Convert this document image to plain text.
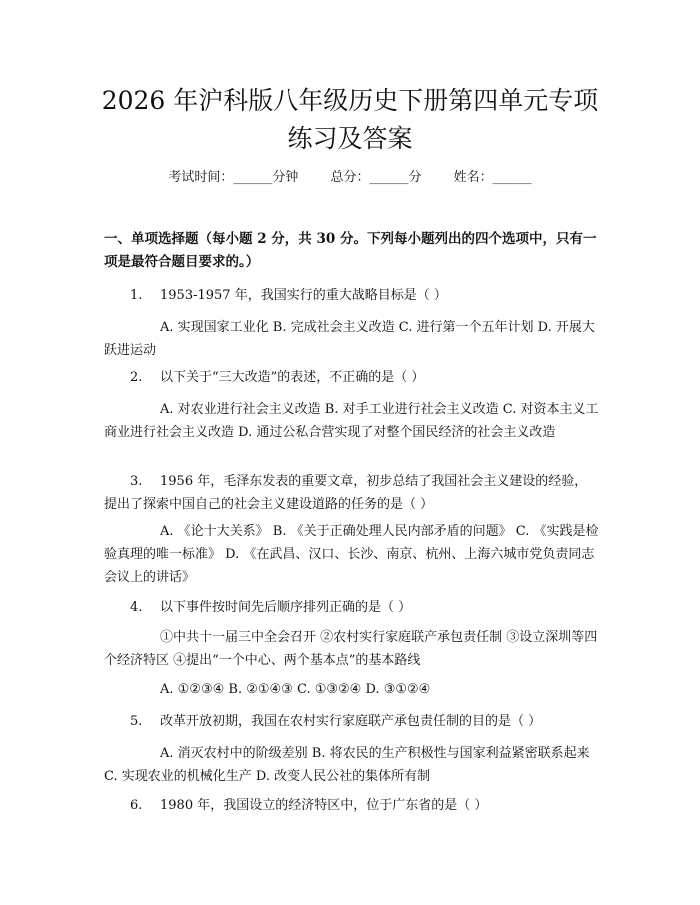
2026 年沪科版八年级历史下册第四单元专项练习及答案
考试时间：______分钟 总分：______分 姓名：______
一、单项选择题（每小题 2 分，共 30 分。下列每小题列出的四个选项中，只有一项是最符合题目要求的。）
1. 1953-1957 年，我国实行的重大战略目标是（ ）
A. 实现国家工业化 B. 完成社会主义改造 C. 进行第一个五年计划 D. 开展大跃进运动
2. 以下关于“三大改造”的表述，不正确的是（ ）
A. 对农业进行社会主义改造 B. 对手工业进行社会主义改造 C. 对资本主义工商业进行社会主义改造 D. 通过公私合营实现了对整个国民经济的社会主义改造
3. 1956 年，毛泽东发表的重要文章，初步总结了我国社会主义建设的经验，提出了探索中国自己的社会主义建设道路的任务的是（ ）
A. 《论十大关系》 B. 《关于正确处理人民内部矛盾的问题》 C. 《实践是检验真理的唯一标准》 D. 《在武昌、汉口、长沙、南京、杭州、上海六城市党负责同志会议上的讲话》
4. 以下事件按时间先后顺序排列正确的是（ ）
①中共十一届三中全会召开 ②农村实行家庭联产承包责任制 ③设立深圳等四个经济特区 ④提出“一个中心、两个基本点”的基本路线
A. ①②③④ B. ②①④③ C. ①③②④ D. ③①②④
5. 改革开放初期，我国在农村实行家庭联产承包责任制的目的是（ ）
A. 消灭农村中的阶级差别 B. 将农民的生产积极性与国家利益紧密联系起来 C. 实现农业的机械化生产 D. 改变人民公社的集体所有制
6. 1980 年，我国设立的经济特区中，位于广东省的是（ ）
